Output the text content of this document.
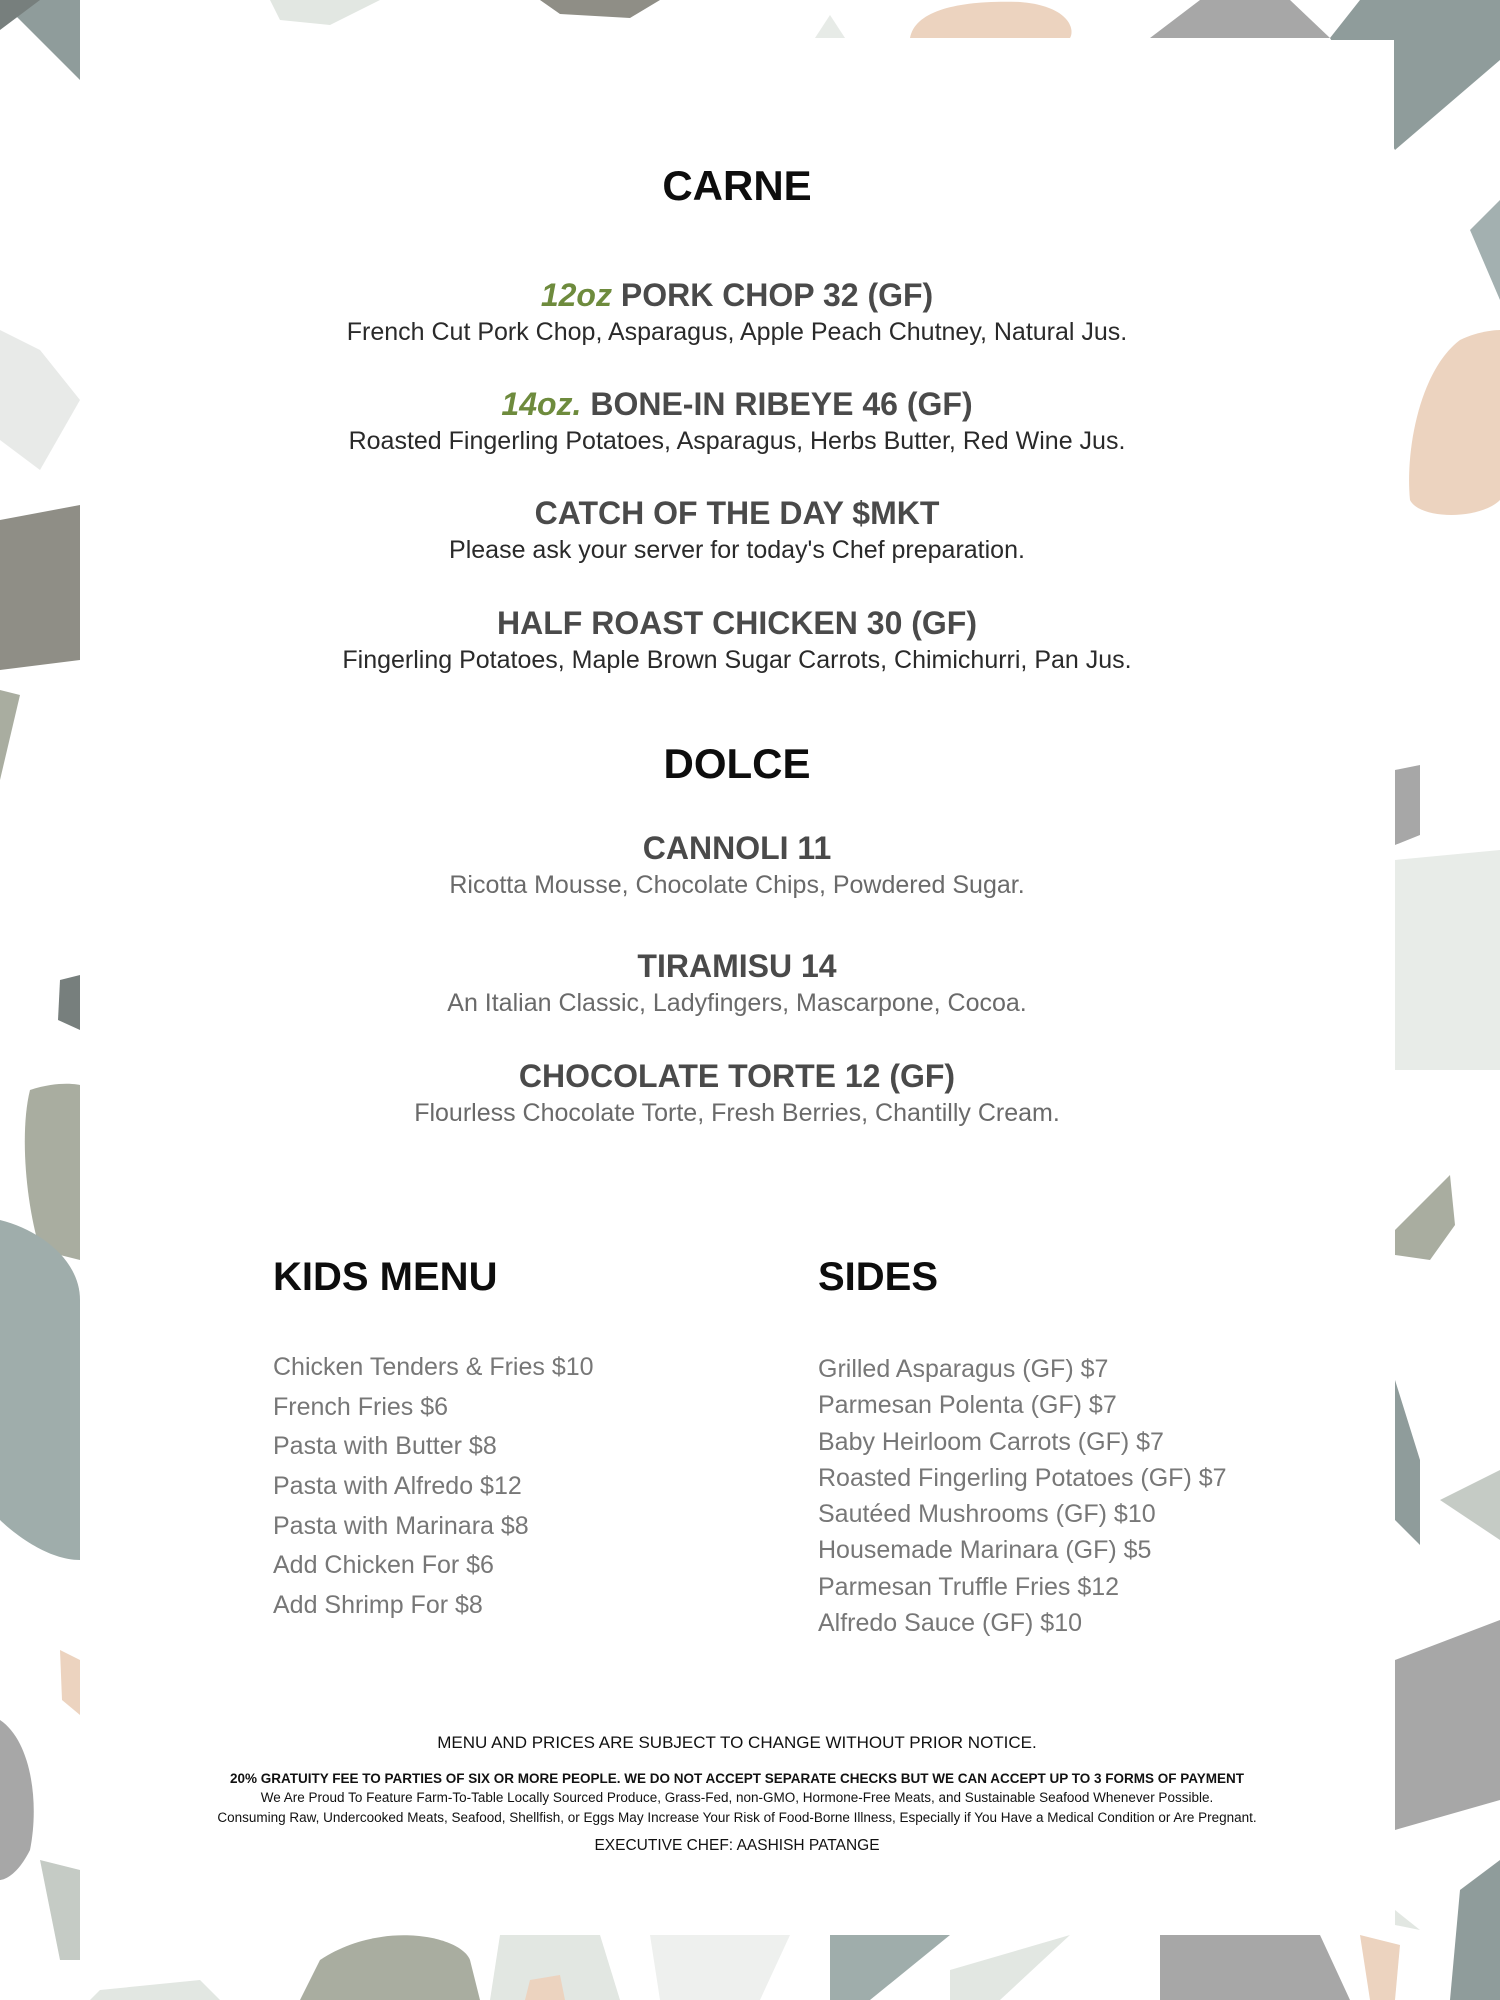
CARNE
12oz PORK CHOP 32 (GF)
French Cut Pork Chop, Asparagus, Apple Peach Chutney, Natural Jus.
14oz. BONE-IN RIBEYE 46 (GF)
Roasted Fingerling Potatoes, Asparagus, Herbs Butter, Red Wine Jus.
CATCH OF THE DAY $MKT
Please ask your server for today's Chef preparation.
HALF ROAST CHICKEN 30 (GF)
Fingerling Potatoes, Maple Brown Sugar Carrots, Chimichurri, Pan Jus.
DOLCE
CANNOLI 11
Ricotta Mousse, Chocolate Chips, Powdered Sugar.
TIRAMISU 14
An Italian Classic, Ladyfingers, Mascarpone, Cocoa.
CHOCOLATE TORTE 12 (GF)
Flourless Chocolate Torte, Fresh Berries, Chantilly Cream.
KIDS MENU
Chicken Tenders & Fries $10
French Fries $6
Pasta with Butter $8
Pasta with Alfredo $12
Pasta with Marinara $8
Add Chicken For $6
Add Shrimp For $8
SIDES
Grilled Asparagus (GF) $7
Parmesan Polenta (GF) $7
Baby Heirloom Carrots (GF) $7
Roasted Fingerling Potatoes (GF) $7
Sautéed Mushrooms (GF) $10
Housemade Marinara (GF) $5
Parmesan Truffle Fries $12
Alfredo Sauce (GF) $10
MENU AND PRICES ARE SUBJECT TO CHANGE WITHOUT PRIOR NOTICE.
20% GRATUITY FEE TO PARTIES OF SIX OR MORE PEOPLE. WE DO NOT ACCEPT SEPARATE CHECKS BUT WE CAN ACCEPT UP TO 3 FORMS OF PAYMENT
We Are Proud To Feature Farm-To-Table Locally Sourced Produce, Grass-Fed, non-GMO, Hormone-Free Meats, and Sustainable Seafood Whenever Possible.
Consuming Raw, Undercooked Meats, Seafood, Shellfish, or Eggs May Increase Your Risk of Food-Borne Illness, Especially if You Have a Medical Condition or Are Pregnant.
EXECUTIVE CHEF: AASHISH PATANGE
